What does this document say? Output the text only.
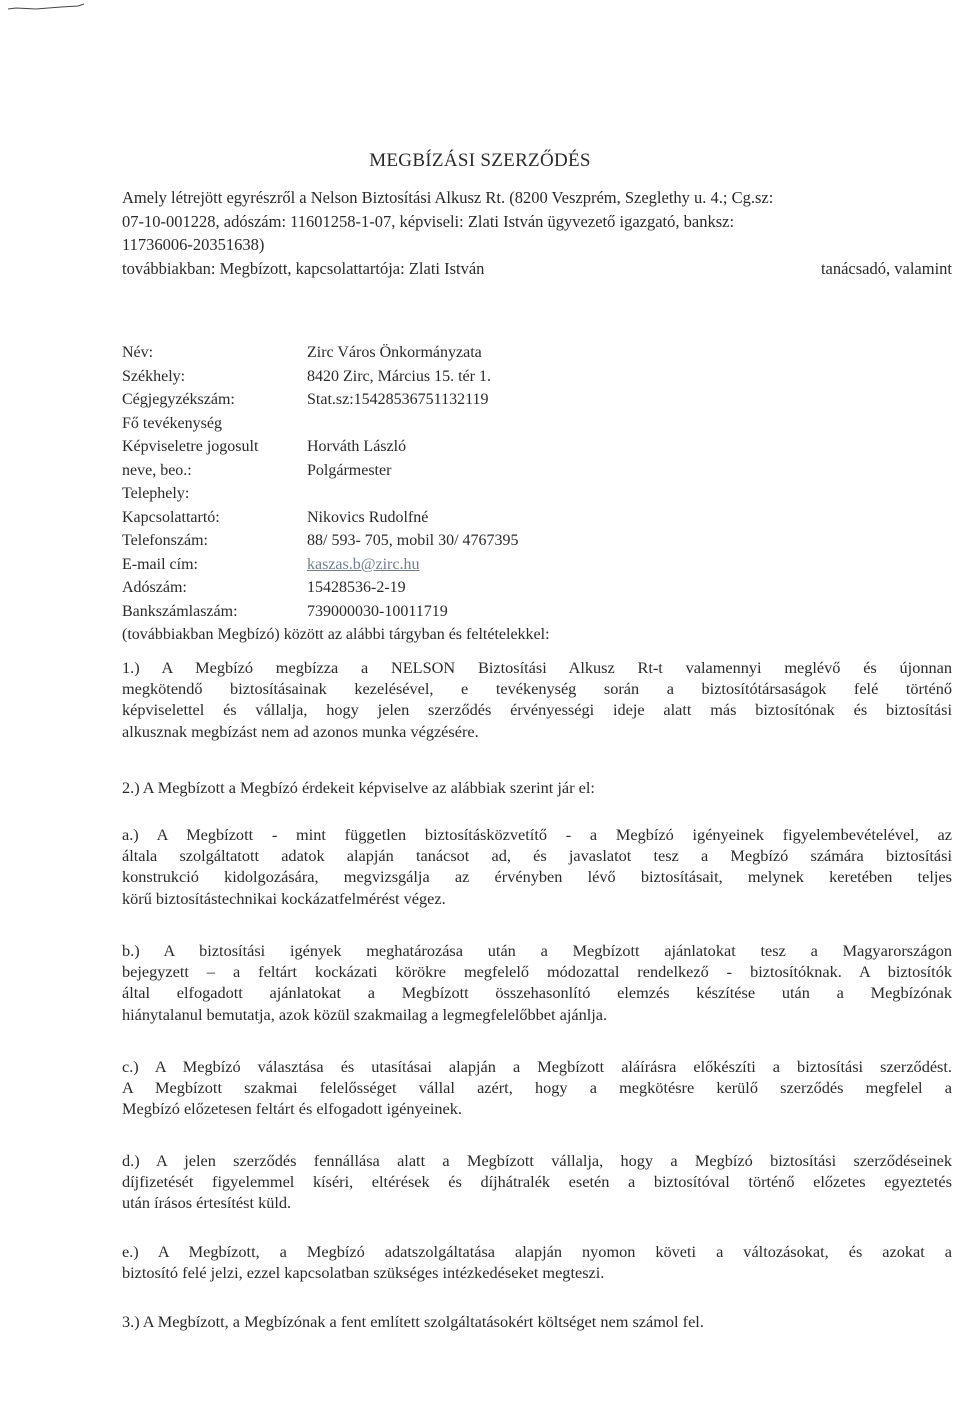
MEGBÍZÁSI SZERZŐDÉS
Amely létrejött egyrészről a Nelson Biztosítási Alkusz Rt. (8200 Veszprém, Szeglethy u. 4.; Cg.sz:
07-10-001228, adószám: 11601258-1-07, képviseli: Zlati István ügyvezető igazgató, banksz:
11736006-20351638)
továbbiakban: Megbízott, kapcsolattartója: Zlati István	tanácsadó, valamint
Név:	Zirc Város Önkormányzata
Székhely:	8420 Zirc, Március 15. tér 1.
Cégjegyzékszám:	Stat.sz:15428536751132119
Fő tevékenység
Képviseletre jogosult	Horváth László
neve, beo.:	Polgármester
Telephely:
Kapcsolattartó:	Nikovics Rudolfné
Telefonszám:	88/ 593- 705, mobil 30/ 4767395
E-mail cím:	kaszas.b@zirc.hu
Adószám:	15428536-2-19
Bankszámlaszám:	739000030-10011719
(továbbiakban Megbízó) között az alábbi tárgyban és feltételekkel:
1.) A Megbízó megbízza a NELSON Biztosítási Alkusz Rt-t valamennyi meglévő és újonnan
megkötendő biztosításainak kezelésével, e tevékenység során a biztosítótársaságok felé történő
képviselettel és vállalja, hogy jelen szerződés érvényességi ideje alatt más biztosítónak és biztosítási
alkusznak megbízást nem ad azonos munka végzésére.
2.) A Megbízott a Megbízó érdekeit képviselve az alábbiak szerint jár el:
a.) A Megbízott - mint független biztosításközvetítő - a Megbízó igényeinek figyelembevételével, az
általa szolgáltatott adatok alapján tanácsot ad, és javaslatot tesz a Megbízó számára biztosítási
konstrukció kidolgozására, megvizsgálja az érvényben lévő biztosításait, melynek keretében teljes
körű biztosítástechnikai kockázatfelmérést végez.
b.) A biztosítási igények meghatározása után a Megbízott ajánlatokat tesz a Magyarországon
bejegyzett – a feltárt kockázati körökre megfelelő módozattal rendelkező - biztosítóknak. A biztosítók
által elfogadott ajánlatokat a Megbízott összehasonlító elemzés készítése után a Megbízónak
hiánytalanul bemutatja, azok közül szakmailag a legmegfelelőbbet ajánlja.
c.) A Megbízó választása és utasításai alapján a Megbízott aláírásra előkészíti a biztosítási szerződést.
A Megbízott szakmai felelősséget vállal azért, hogy a megkötésre kerülő szerződés megfelel a
Megbízó előzetesen feltárt és elfogadott igényeinek.
d.) A jelen szerződés fennállása alatt a Megbízott vállalja, hogy a Megbízó biztosítási szerződéseinek
díjfizetését figyelemmel kíséri, eltérések és díjhátralék esetén a biztosítóval történő előzetes egyeztetés
után írásos értesítést küld.
e.) A Megbízott, a Megbízó adatszolgáltatása alapján nyomon követi a változásokat, és azokat a
biztosító felé jelzi, ezzel kapcsolatban szükséges intézkedéseket megteszi.
3.) A Megbízott, a Megbízónak a fent említett szolgáltatásokért költséget nem számol fel.
